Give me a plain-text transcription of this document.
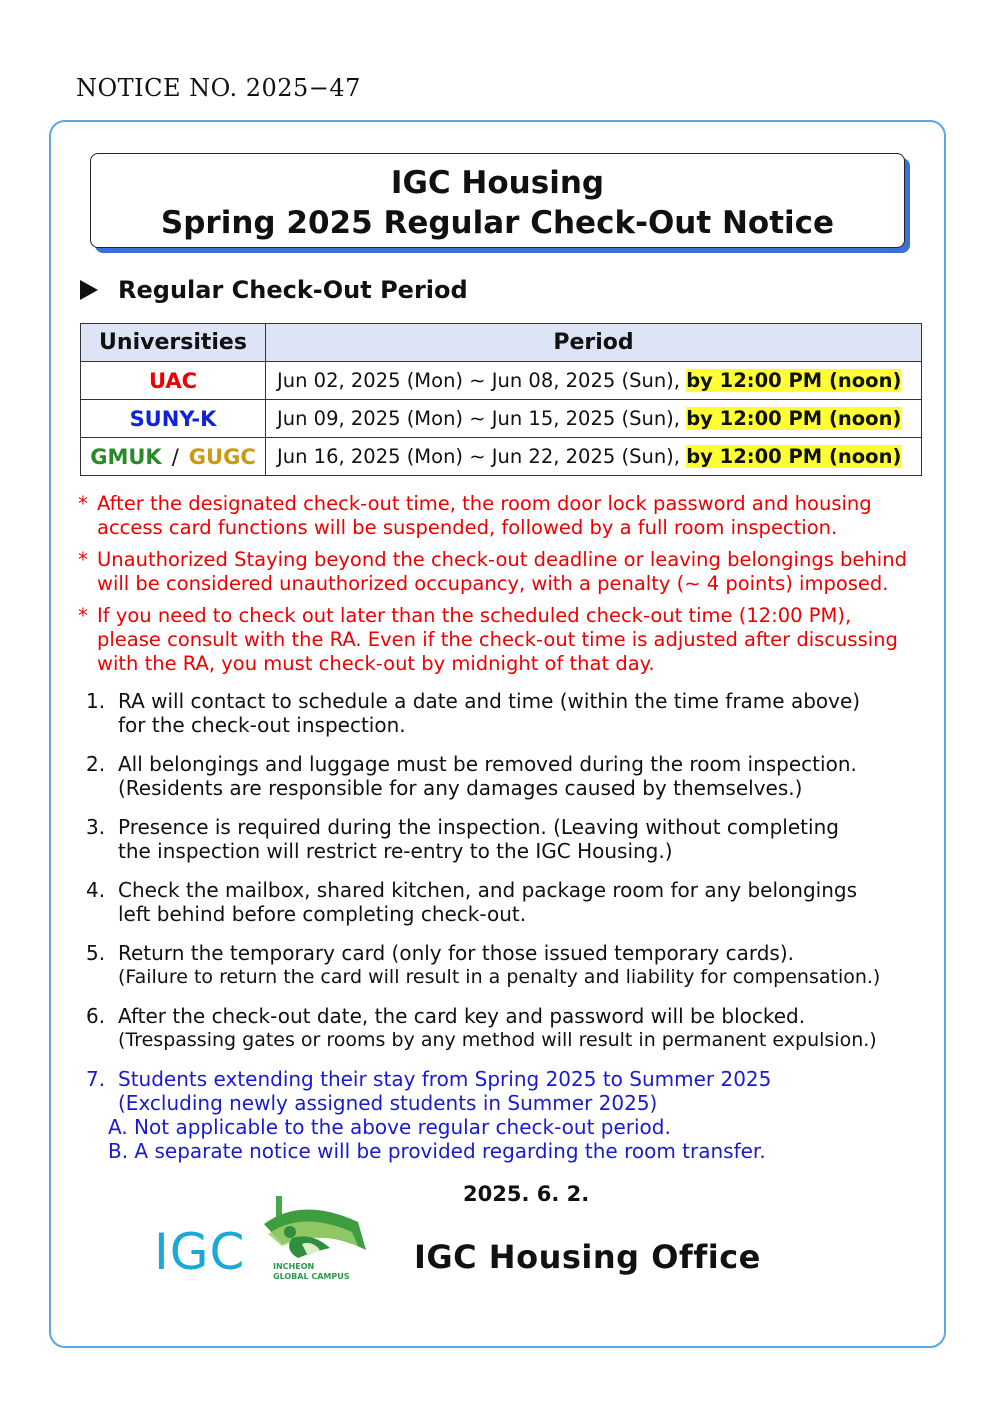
NOTICE NO. 2025−47
IGC Housing
Spring 2025 Regular Check-Out Notice
Regular Check-Out Period
Universities	Period
UAC	Jun 02, 2025 (Mon) ∼ Jun 08, 2025 (Sun), by 12:00 PM (noon)
SUNY-K	Jun 09, 2025 (Mon) ∼ Jun 15, 2025 (Sun), by 12:00 PM (noon)
GMUK / GUGC	Jun 16, 2025 (Mon) ∼ Jun 22, 2025 (Sun), by 12:00 PM (noon)
* After the designated check-out time, the room door lock password and housing access card functions will be suspended, followed by a full room inspection.
* Unauthorized Staying beyond the check-out deadline or leaving belongings behind will be considered unauthorized occupancy, with a penalty (∼ 4 points) imposed.
* If you need to check out later than the scheduled check-out time (12:00 PM), please consult with the RA. Even if the check-out time is adjusted after discussing with the RA, you must check-out by midnight of that day.
1. RA will contact to schedule a date and time (within the time frame above)
for the check-out inspection.
2. All belongings and luggage must be removed during the room inspection.
(Residents are responsible for any damages caused by themselves.)
3. Presence is required during the inspection. (Leaving without completing
the inspection will restrict re-entry to the IGC Housing.)
4. Check the mailbox, shared kitchen, and package room for any belongings
left behind before completing check-out.
5. Return the temporary card (only for those issued temporary cards).
(Failure to return the card will result in a penalty and liability for compensation.)
6. After the check-out date, the card key and password will be blocked.
(Trespassing gates or rooms by any method will result in permanent expulsion.)
7. Students extending their stay from Spring 2025 to Summer 2025
(Excluding newly assigned students in Summer 2025)
A. Not applicable to the above regular check-out period.
B. A separate notice will be provided regarding the room transfer.
2025. 6. 2.
IGC	INCHEON
GLOBAL CAMPUS
IGC Housing Office
